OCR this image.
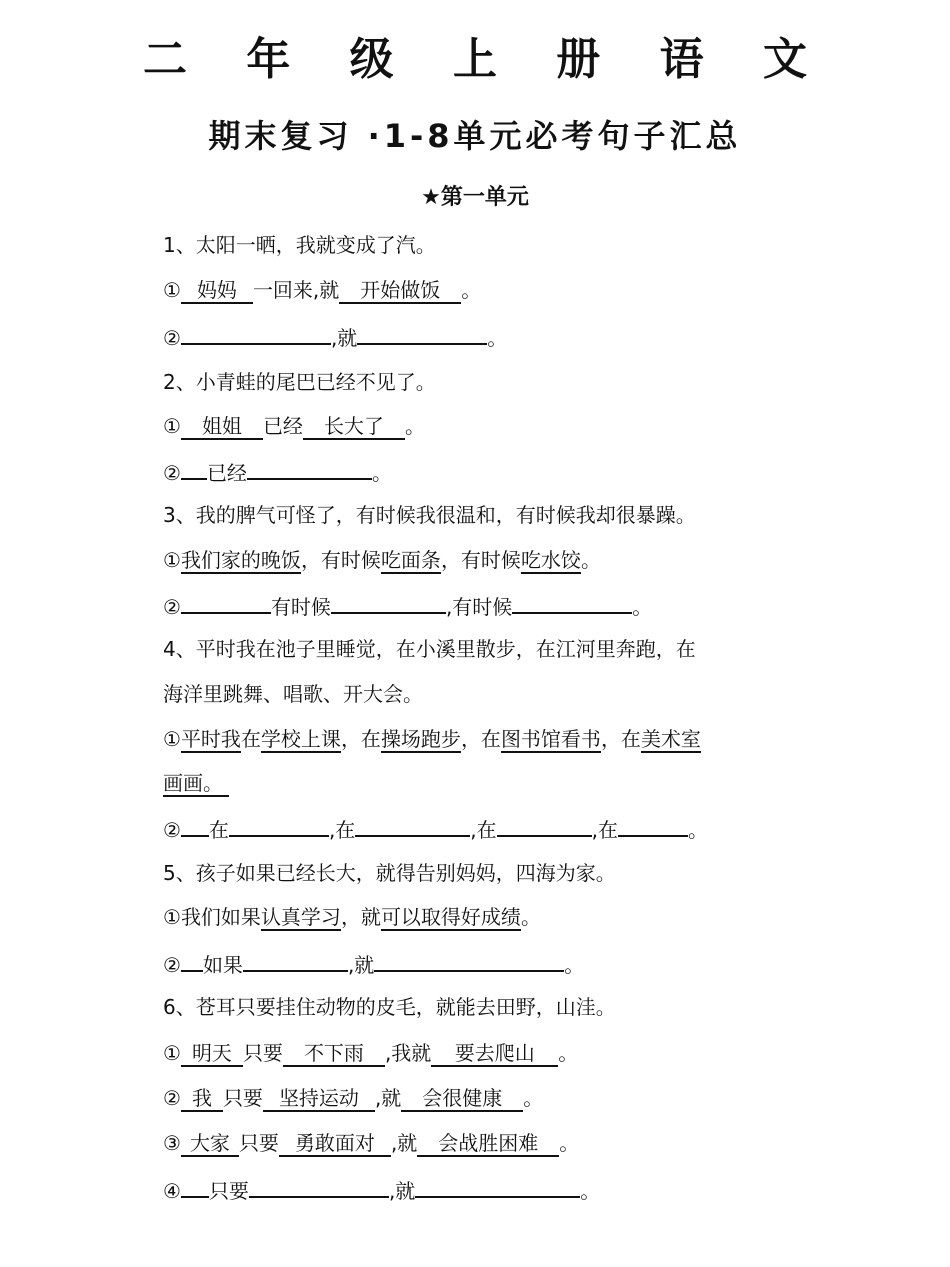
二 年 级 上 册 语 文
期末复习 ·1-8单元必考句子汇总
★第一单元
1、太阳一晒，我就变成了汽。
① 妈妈 一回来,就 开始做饭 。
②	,就	。
2、小青蛙的尾巴已经不见了。
① 姐姐 已经 长大了 。
② 已经	。
3、我的脾气可怪了，有时候我很温和，有时候我却很暴躁。
①我们家的晚饭，有时候吃面条，有时候吃水饺。
②	有时候	,有时候	。
4、平时我在池子里睡觉，在小溪里散步，在江河里奔跑，在
海洋里跳舞、唱歌、开大会。
①平时我在学校上课，在操场跑步，在图书馆看书，在美术室
画画。
② 在	,在	,在	,在	。
5、孩子如果已经长大，就得告别妈妈，四海为家。
①我们如果认真学习，就可以取得好成绩。
② 如果	,就	。
6、苍耳只要挂住动物的皮毛，就能去田野，山洼。
① 明天 只要 不下雨 ,我就 要去爬山 。
② 我 只要 坚持运动 ,就 会很健康 。
③ 大家 只要 勇敢面对 ,就 会战胜困难 。
④ 只要	,就	。
